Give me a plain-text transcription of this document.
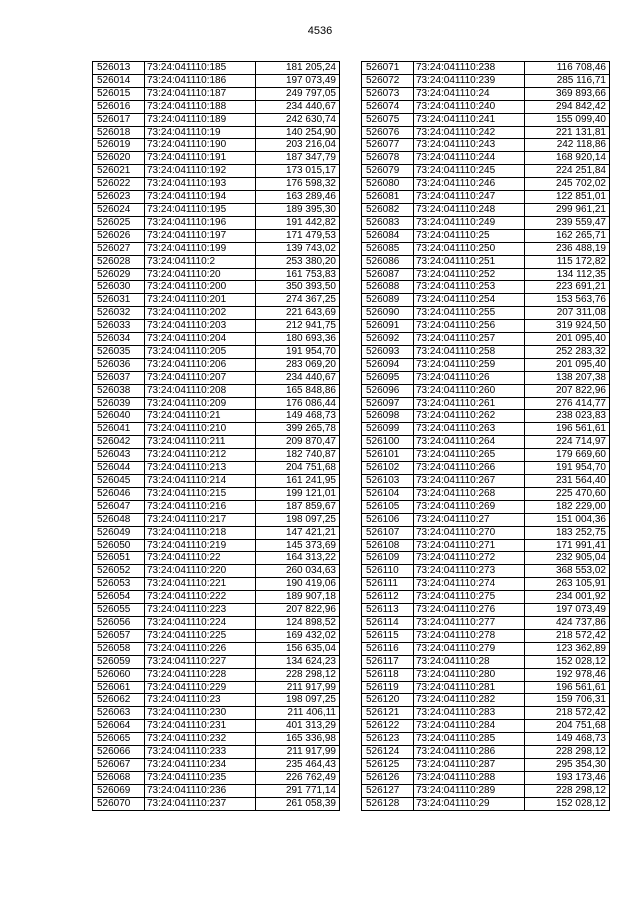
4536
526013	73:24:041110:185	181 205,24
526014	73:24:041110:186	197 073,49
526015	73:24:041110:187	249 797,05
526016	73:24:041110:188	234 440,67
526017	73:24:041110:189	242 630,74
526018	73:24:041110:19	140 254,90
526019	73:24:041110:190	203 216,04
526020	73:24:041110:191	187 347,79
526021	73:24:041110:192	173 015,17
526022	73:24:041110:193	176 598,32
526023	73:24:041110:194	163 289,46
526024	73:24:041110:195	189 395,30
526025	73:24:041110:196	191 442,82
526026	73:24:041110:197	171 479,53
526027	73:24:041110:199	139 743,02
526028	73:24:041110:2	253 380,20
526029	73:24:041110:20	161 753,83
526030	73:24:041110:200	350 393,50
526031	73:24:041110:201	274 367,25
526032	73:24:041110:202	221 643,69
526033	73:24:041110:203	212 941,75
526034	73:24:041110:204	180 693,36
526035	73:24:041110:205	191 954,70
526036	73:24:041110:206	283 069,20
526037	73:24:041110:207	234 440,67
526038	73:24:041110:208	165 848,86
526039	73:24:041110:209	176 086,44
526040	73:24:041110:21	149 468,73
526041	73:24:041110:210	399 265,78
526042	73:24:041110:211	209 870,47
526043	73:24:041110:212	182 740,87
526044	73:24:041110:213	204 751,68
526045	73:24:041110:214	161 241,95
526046	73:24:041110:215	199 121,01
526047	73:24:041110:216	187 859,67
526048	73:24:041110:217	198 097,25
526049	73:24:041110:218	147 421,21
526050	73:24:041110:219	145 373,69
526051	73:24:041110:22	164 313,22
526052	73:24:041110:220	260 034,63
526053	73:24:041110:221	190 419,06
526054	73:24:041110:222	189 907,18
526055	73:24:041110:223	207 822,96
526056	73:24:041110:224	124 898,52
526057	73:24:041110:225	169 432,02
526058	73:24:041110:226	156 635,04
526059	73:24:041110:227	134 624,23
526060	73:24:041110:228	228 298,12
526061	73:24:041110:229	211 917,99
526062	73:24:041110:23	198 097,25
526063	73:24:041110:230	211 406,11
526064	73:24:041110:231	401 313,29
526065	73:24:041110:232	165 336,98
526066	73:24:041110:233	211 917,99
526067	73:24:041110:234	235 464,43
526068	73:24:041110:235	226 762,49
526069	73:24:041110:236	291 771,14
526070	73:24:041110:237	261 058,39
526071	73:24:041110:238	116 708,46
526072	73:24:041110:239	285 116,71
526073	73:24:041110:24	369 893,66
526074	73:24:041110:240	294 842,42
526075	73:24:041110:241	155 099,40
526076	73:24:041110:242	221 131,81
526077	73:24:041110:243	242 118,86
526078	73:24:041110:244	168 920,14
526079	73:24:041110:245	224 251,84
526080	73:24:041110:246	245 702,02
526081	73:24:041110:247	122 851,01
526082	73:24:041110:248	299 961,21
526083	73:24:041110:249	239 559,47
526084	73:24:041110:25	162 265,71
526085	73:24:041110:250	236 488,19
526086	73:24:041110:251	115 172,82
526087	73:24:041110:252	134 112,35
526088	73:24:041110:253	223 691,21
526089	73:24:041110:254	153 563,76
526090	73:24:041110:255	207 311,08
526091	73:24:041110:256	319 924,50
526092	73:24:041110:257	201 095,40
526093	73:24:041110:258	252 283,32
526094	73:24:041110:259	201 095,40
526095	73:24:041110:26	138 207,38
526096	73:24:041110:260	207 822,96
526097	73:24:041110:261	276 414,77
526098	73:24:041110:262	238 023,83
526099	73:24:041110:263	196 561,61
526100	73:24:041110:264	224 714,97
526101	73:24:041110:265	179 669,60
526102	73:24:041110:266	191 954,70
526103	73:24:041110:267	231 564,40
526104	73:24:041110:268	225 470,60
526105	73:24:041110:269	182 229,00
526106	73:24:041110:27	151 004,36
526107	73:24:041110:270	183 252,75
526108	73:24:041110:271	171 991,41
526109	73:24:041110:272	232 905,04
526110	73:24:041110:273	368 553,02
526111	73:24:041110:274	263 105,91
526112	73:24:041110:275	234 001,92
526113	73:24:041110:276	197 073,49
526114	73:24:041110:277	424 737,86
526115	73:24:041110:278	218 572,42
526116	73:24:041110:279	123 362,89
526117	73:24:041110:28	152 028,12
526118	73:24:041110:280	192 978,46
526119	73:24:041110:281	196 561,61
526120	73:24:041110:282	159 706,31
526121	73:24:041110:283	218 572,42
526122	73:24:041110:284	204 751,68
526123	73:24:041110:285	149 468,73
526124	73:24:041110:286	228 298,12
526125	73:24:041110:287	295 354,30
526126	73:24:041110:288	193 173,46
526127	73:24:041110:289	228 298,12
526128	73:24:041110:29	152 028,12
